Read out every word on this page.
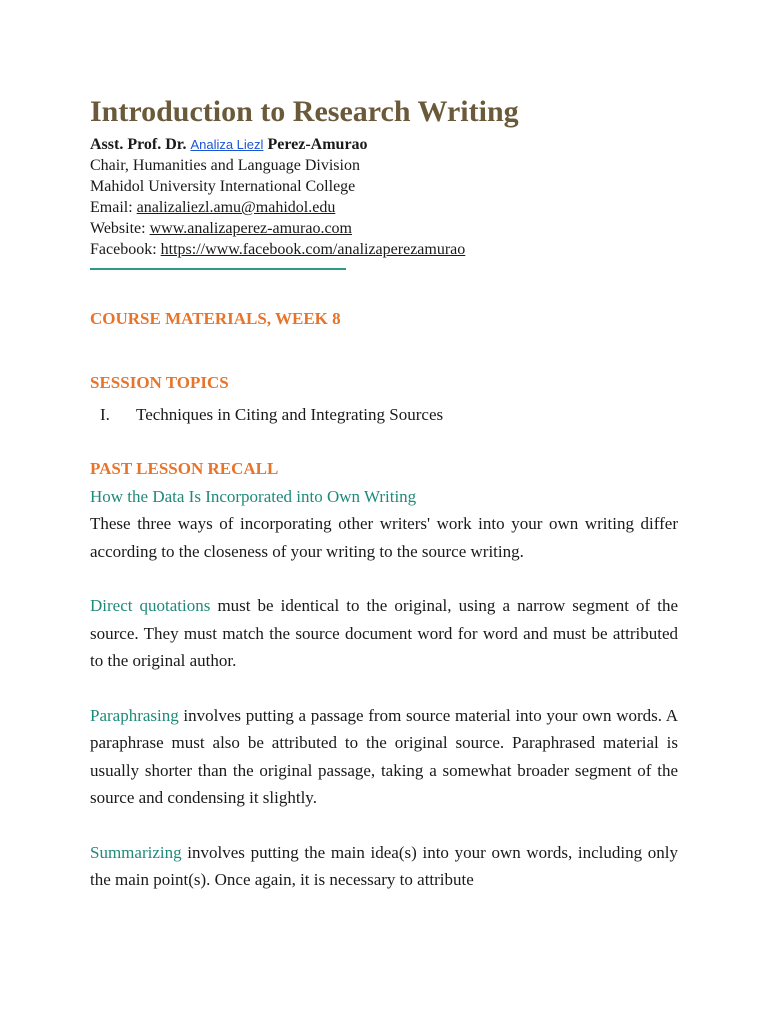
Introduction to Research Writing

Asst. Prof. Dr. Analiza Liezl Perez-Amurao

Chair, Humanities and Language Division

Mahidol University International College

Email: analizaliezl.amu@mahidol.edu

Website: www.analizaperez-amurao.com

Facebook: https://www.facebook.com/analizaperezamurao

COURSE MATERIALS, WEEK 8
SESSION TOPICS
I.	Techniques in Citing and Integrating Sources
PAST LESSON RECALL

How the Data Is Incorporated into Own Writing

These three ways of incorporating other writers' work into your own writing differ according to the closeness of your writing to the source writing.

Direct quotations must be identical to the original, using a narrow segment of the source. They must match the source document word for word and must be attributed to the original author.

Paraphrasing involves putting a passage from source material into your own words. A paraphrase must also be attributed to the original source. Paraphrased material is usually shorter than the original passage, taking a somewhat broader segment of the source and condensing it slightly.

Summarizing involves putting the main idea(s) into your own words, including only the main point(s). Once again, it is necessary to attribute
